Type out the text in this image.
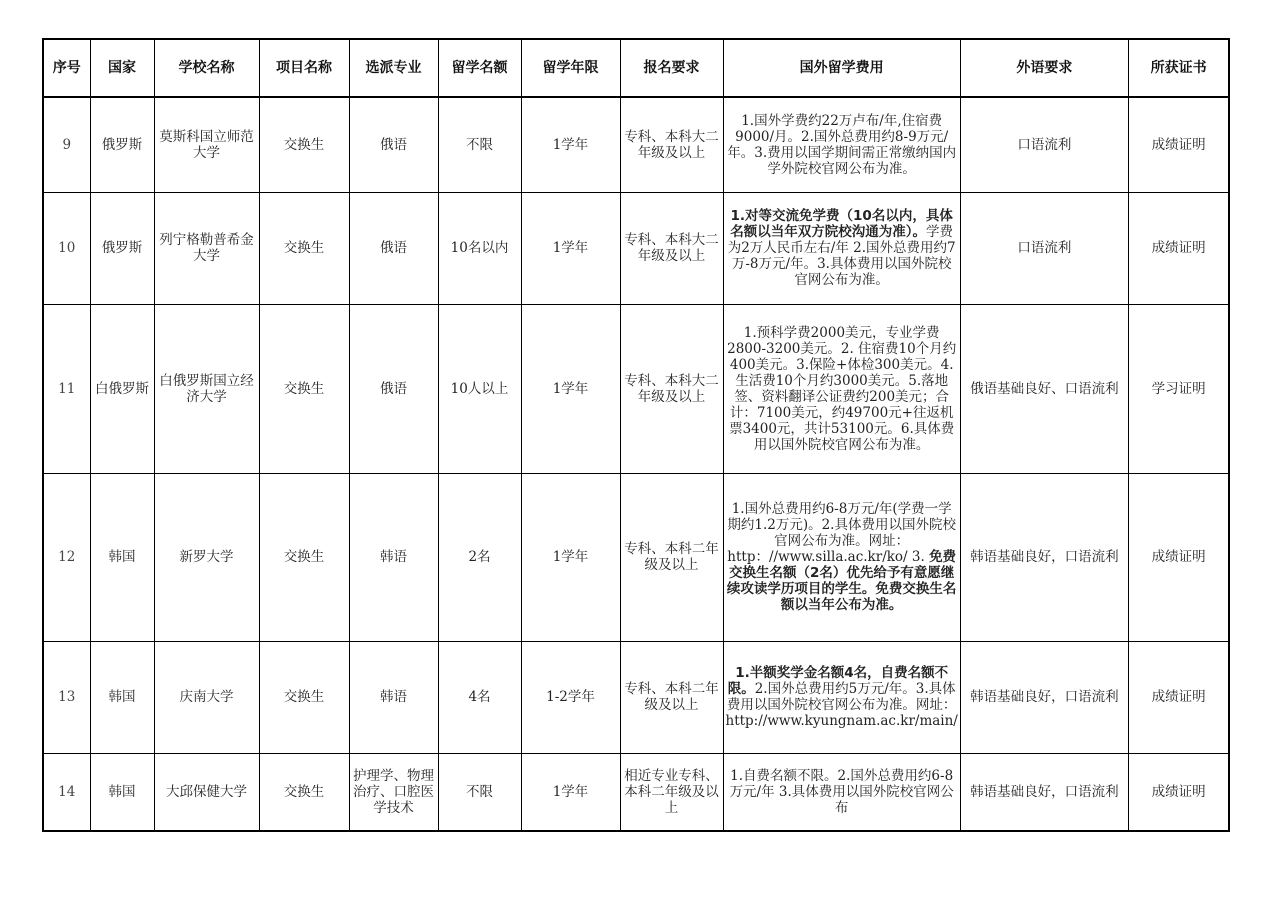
序号	国家	学校名称	项目名称	选派专业	留学名额	留学年限	报名要求	国外留学费用	外语要求	所获证书
9	俄罗斯	莫斯科国立师范大学	交换生	俄语	不限	1学年	专科、本科大二年级及以上	1.国外学费约22万卢布/年,住宿费9000/月。2.国外总费用约8-9万元/年。3.费用以国学期间需正常缴纳国内学外院校官网公布为准。	口语流利	成绩证明
10	俄罗斯	列宁格勒普希金大学	交换生	俄语	10名以内	1学年	专科、本科大二年级及以上	1.对等交流免学费（10名以内，具体名额以当年双方院校沟通为准）。学费为2万人民币左右/年 2.国外总费用约7万-8万元/年。3.具体费用以国外院校官网公布为准。	口语流利	成绩证明
11	白俄罗斯	白俄罗斯国立经济大学	交换生	俄语	10人以上	1学年	专科、本科大二年级及以上	1.预科学费2000美元，专业学费2800-3200美元。2. 住宿费10个月约400美元。3.保险+体检300美元。4.生活费10个月约3000美元。5.落地签、资料翻译公证费约200美元；合计：7100美元，约49700元+往返机票3400元，共计53100元。6.具体费用以国外院校官网公布为准。	俄语基础良好、口语流利	学习证明
12	韩国	新罗大学	交换生	韩语	2名	1学年	专科、本科二年级及以上	1.国外总费用约6-8万元/年(学费一学期约1.2万元)。2.具体费用以国外院校官网公布为准。网址：http：//www.silla.ac.kr/ko/ 3. 免费交换生名额（2名）优先给予有意愿继续攻读学历项目的学生。免费交换生名额以当年公布为准。	韩语基础良好，口语流利	成绩证明
13	韩国	庆南大学	交换生	韩语	4名	1-2学年	专科、本科二年级及以上	1.半额奖学金名额4名，自费名额不限。2.国外总费用约5万元/年。3.具体费用以国外院校官网公布为准。网址：http://www.kyungnam.ac.kr/main/	韩语基础良好，口语流利	成绩证明
14	韩国	大邱保健大学	交换生	护理学、物理治疗、口腔医学技术	不限	1学年	相近专业专科、本科二年级及以上	1.自费名额不限。2.国外总费用约6-8万元/年 3.具体费用以国外院校官网公布	韩语基础良好，口语流利	成绩证明
